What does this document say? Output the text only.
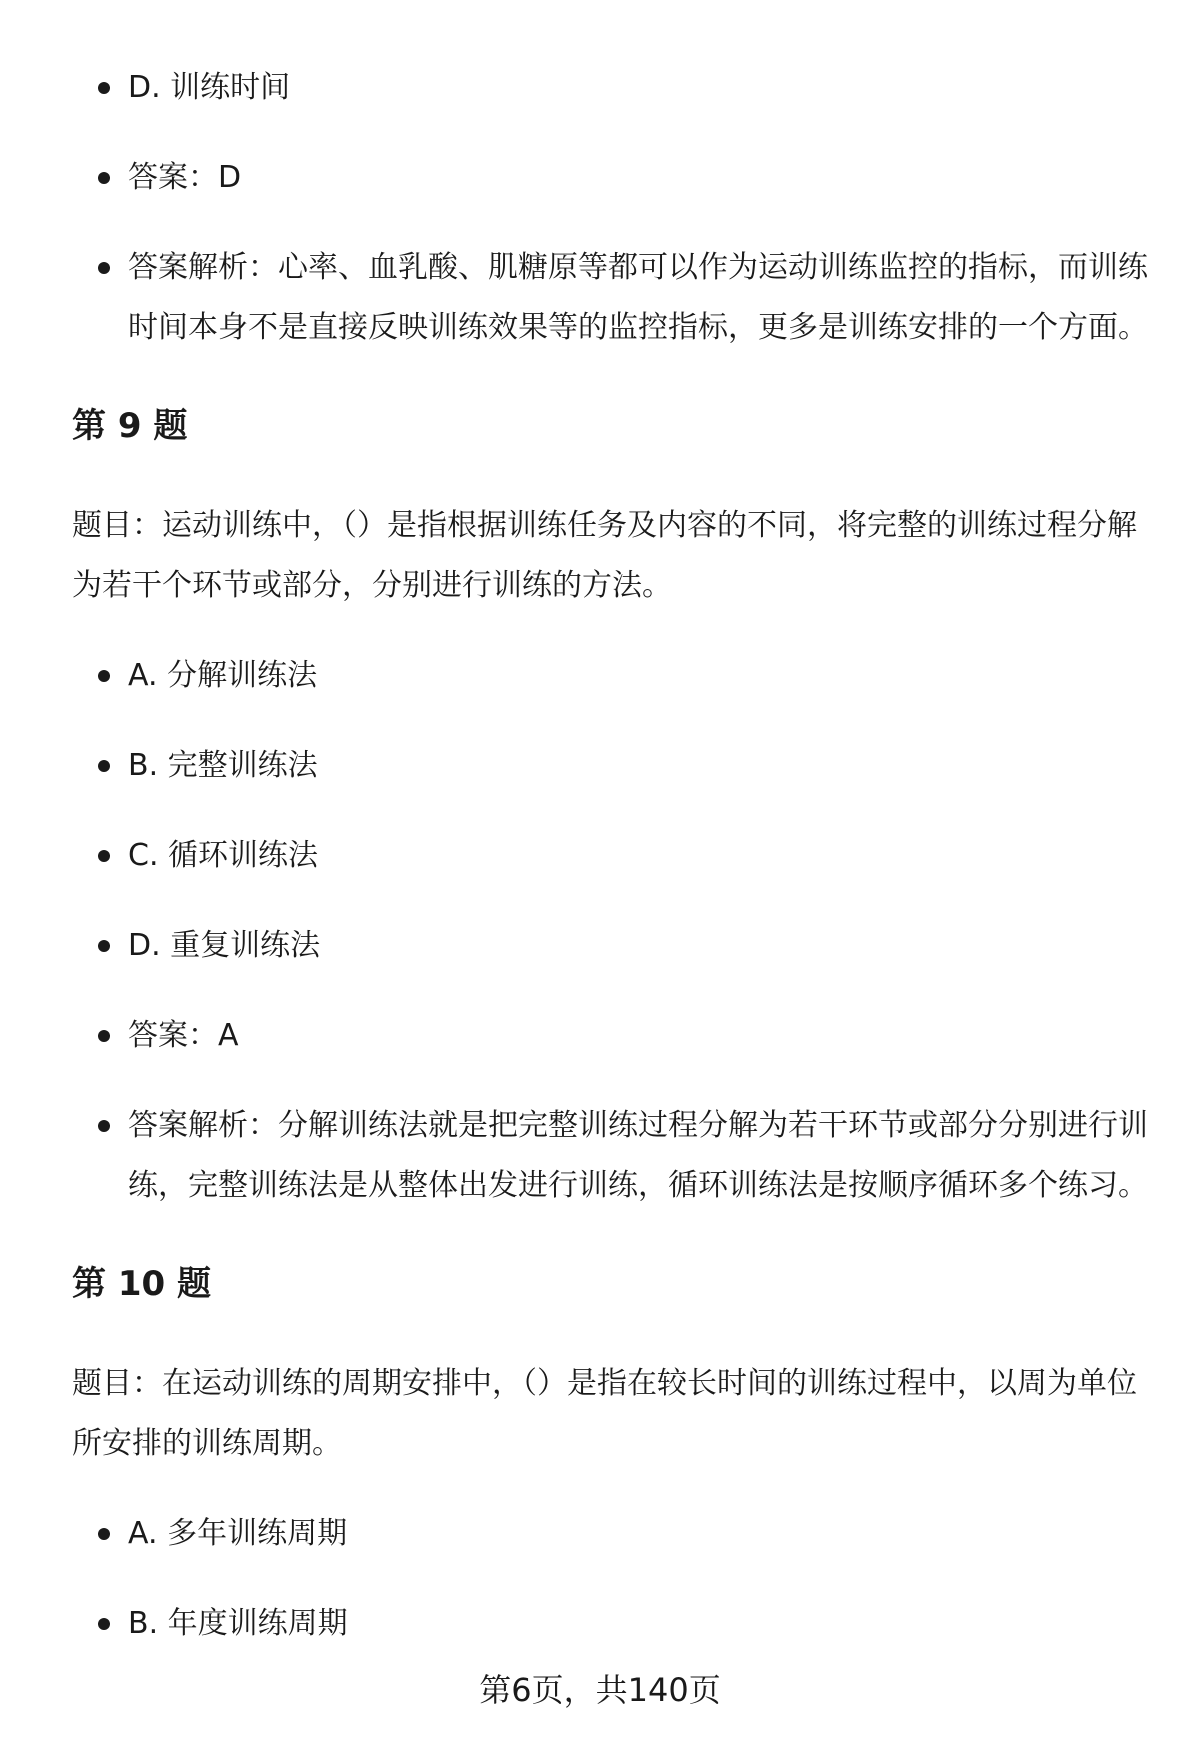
D. 训练时间
答案：D
答案解析：心率、血乳酸、肌糖原等都可以作为运动训练监控的指标，而训练时间本身不是直接反映训练效果等的监控指标，更多是训练安排的一个方面。
第 9 题
题目：运动训练中，（）是指根据训练任务及内容的不同，将完整的训练过程分解为若干个环节或部分，分别进行训练的方法。
A. 分解训练法
B. 完整训练法
C. 循环训练法
D. 重复训练法
答案：A
答案解析：分解训练法就是把完整训练过程分解为若干环节或部分分别进行训练，完整训练法是从整体出发进行训练，循环训练法是按顺序循环多个练习。
第 10 题
题目：在运动训练的周期安排中，（）是指在较长时间的训练过程中，以周为单位所安排的训练周期。
A. 多年训练周期
B. 年度训练周期
第6页，共140页
